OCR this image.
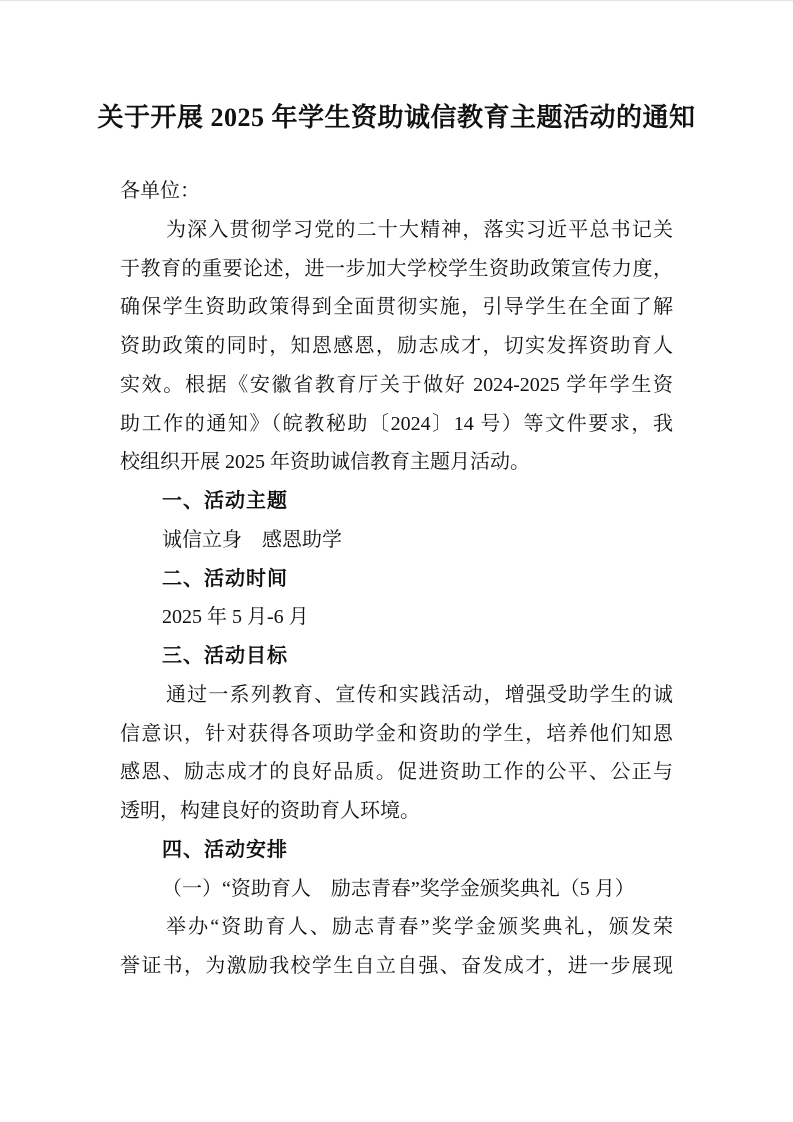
关于开展 2025 年学生资助诚信教育主题活动的通知
各单位：
为深入贯彻学习党的二十大精神，落实习近平总书记关
于教育的重要论述，进一步加大学校学生资助政策宣传力度，
确保学生资助政策得到全面贯彻实施，引导学生在全面了解
资助政策的同时，知恩感恩，励志成才，切实发挥资助育人
实效。根据《安徽省教育厅关于做好 2024-2025 学年学生资
助工作的通知》（皖教秘助〔2024〕14 号）等文件要求，我
校组织开展 2025 年资助诚信教育主题月活动。
一、活动主题
诚信立身　感恩助学
二、活动时间
2025 年 5 月-6 月
三、活动目标
通过一系列教育、宣传和实践活动，增强受助学生的诚
信意识，针对获得各项助学金和资助的学生，培养他们知恩
感恩、励志成才的良好品质。促进资助工作的公平、公正与
透明，构建良好的资助育人环境。
四、活动安排
（一）“资助育人　励志青春”奖学金颁奖典礼（5 月）
举办“资助育人、励志青春”奖学金颁奖典礼，颁发荣
誉证书，为激励我校学生自立自强、奋发成才，进一步展现
